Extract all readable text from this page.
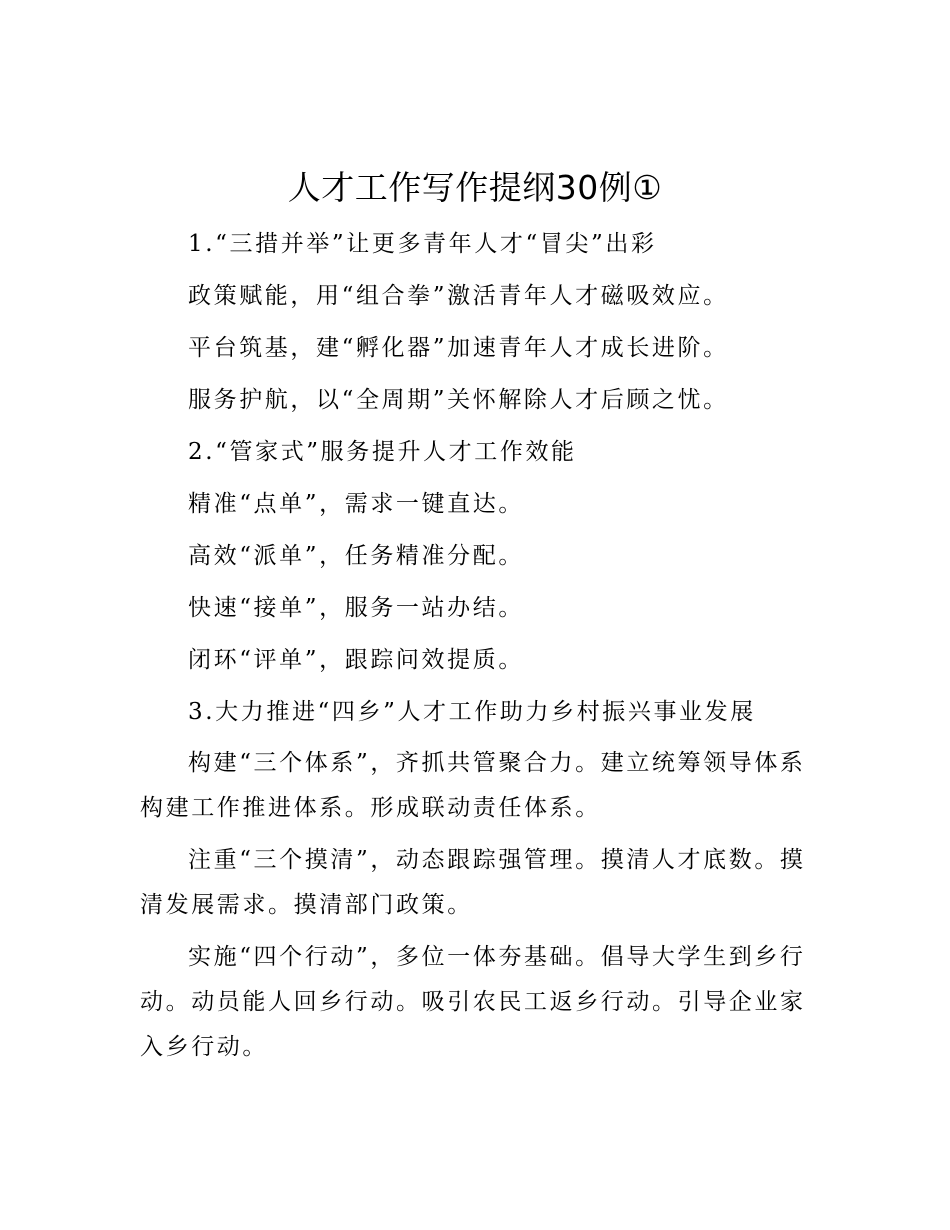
人才工作写作提纲30例①

1.“三措并举”让更多青年人才“冒尖”出彩

政策赋能，用“组合拳”激活青年人才磁吸效应。

平台筑基，建“孵化器”加速青年人才成长进阶。

服务护航，以“全周期”关怀解除人才后顾之忧。

2.“管家式”服务提升人才工作效能

精准“点单”，需求一键直达。

高效“派单”，任务精准分配。

快速“接单”，服务一站办结。

闭环“评单”，跟踪问效提质。

3.大力推进“四乡”人才工作助力乡村振兴事业发展

构建“三个体系”，齐抓共管聚合力。建立统筹领导体系构建工作推进体系。形成联动责任体系。

注重“三个摸清”，动态跟踪强管理。摸清人才底数。摸清发展需求。摸清部门政策。

实施“四个行动”，多位一体夯基础。倡导大学生到乡行动。动员能人回乡行动。吸引农民工返乡行动。引导企业家入乡行动。
